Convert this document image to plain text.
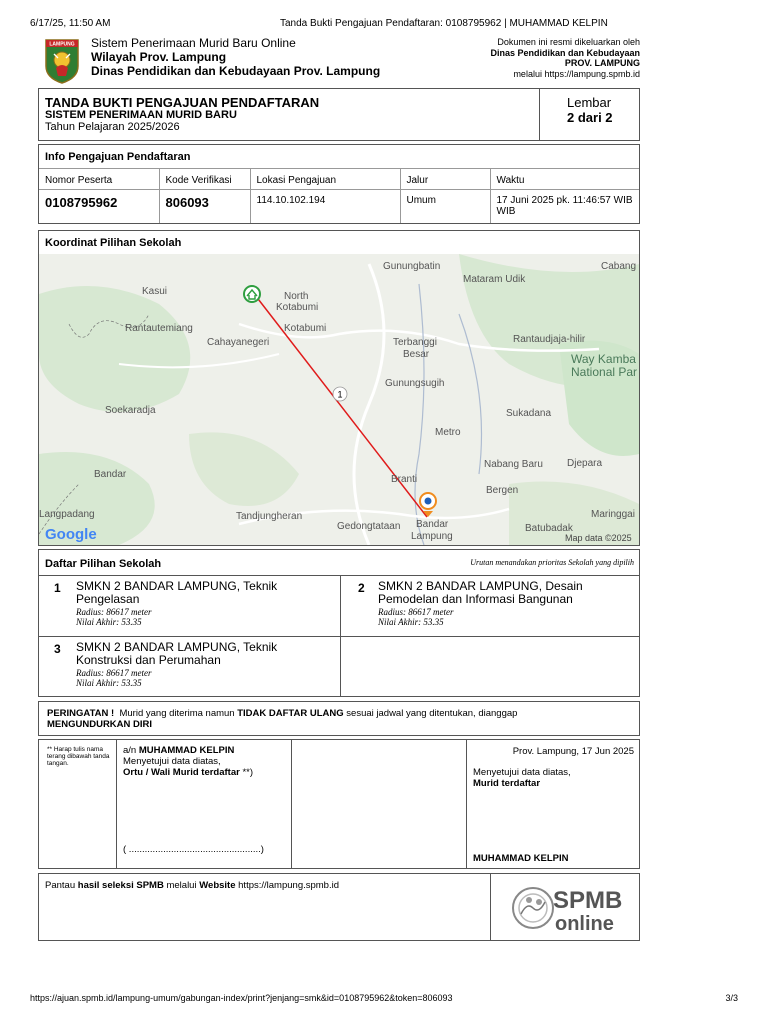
6/17/25, 11:50 AM	Tanda Bukti Pengajuan Pendaftaran: 0108795962 | MUHAMMAD KELPIN
LAMPUNG Sistem Penerimaan Murid Baru Online
Wilayah Prov. Lampung
Dinas Pendidikan dan Kebudayaan Prov. Lampung
Dokumen ini resmi dikeluarkan oleh
Dinas Pendidikan dan Kebudayaan
PROV. LAMPUNG
melalui https://lampung.spmb.id
TANDA BUKTI PENGAJUAN PENDAFTARAN
SISTEM PENERIMAAN MURID BARU
Tahun Pelajaran 2025/2026
Lembar
2 dari 2
Info Pengajuan Pendaftaran
Nomor Peserta	Kode Verifikasi	Lokasi Pengajuan	Jalur	Waktu
0108795962	806093	114.10.102.194	Umum	17 Juni 2025 pk. 11:46:57 WIB WIB
Koordinat Pilihan Sekolah
Gunungbatin
Mataram Udik
Cabang
Kasui	North
Kotabumi
Kotabumi
Rantautemiang
Cahayanegeri	Terbanggi
Besar
Rantaudjaja-hilir
Way Kamba
National Par
Gunungsugih
Soekaradja	Sukadana
Metro
Bandar
Nabang Baru Djepara
Branti
Bergen
Langpadang	Tandjungheran
Gedongtataan Bandar
Lampung
Batubadak
Maringgai
1
Google	Map data ©2025
Daftar Pilihan Sekolah	Urutan menandakan prioritas Sekolah yang dipilih
1 SMKN 2 BANDAR LAMPUNG, Teknik Pengelasan
Radius: 86617 meter
Nilai Akhir: 53.35
2 SMKN 2 BANDAR LAMPUNG, Desain Pemodelan dan Informasi Bangunan
Radius: 86617 meter
Nilai Akhir: 53.35
3 SMKN 2 BANDAR LAMPUNG, Teknik Konstruksi dan Perumahan
Radius: 86617 meter
Nilai Akhir: 53.35
PERINGATAN ! Murid yang diterima namun TIDAK DAFTAR ULANG sesuai jadwal yang ditentukan, dianggap
MENGUNDURKAN DIRI
** Harap tulis nama terang dibawah tanda tangan.
a/n MUHAMMAD KELPIN
Menyetujui data diatas,
Ortu / Wali Murid terdaftar **)
( ..................................................)
Prov. Lampung, 17 Jun 2025
Menyetujui data diatas,
Murid terdaftar
MUHAMMAD KELPIN
Pantau hasil seleksi SPMB melalui Website https://lampung.spmb.id
SPMB
online
https://ajuan.spmb.id/lampung-umum/gabungan-index/print?jenjang=smk&id=0108795962&token=806093	3/3
